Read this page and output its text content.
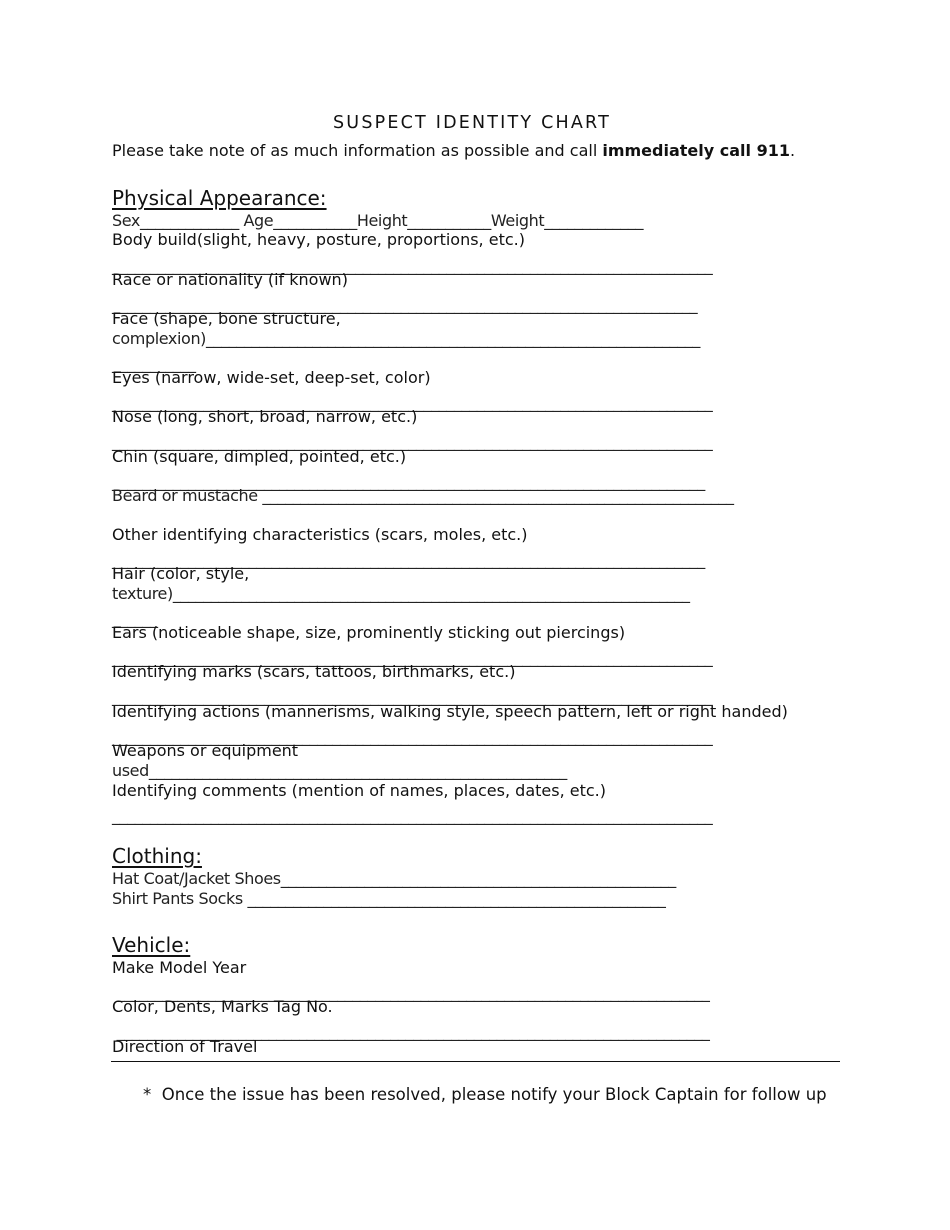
SUSPECT IDENTITY CHART
Please take note of as much information as possible and call immediately call 911.
Physical Appearance:
Sex_____________ Age___________Height___________Weight_____________
Body build(slight, heavy, posture, proportions, etc.)
_______________________________________________________________________________
Race or nationality (if known)
_____________________________________________________________________________
Face (shape, bone structure,
complexion)_________________________________________________________________
___________
Eyes (narrow, wide-set, deep-set, color)
_______________________________________________________________________________
Nose (long, short, broad, narrow, etc.)
_______________________________________________________________________________
Chin (square, dimpled, pointed, etc.)
______________________________________________________________________________
Beard or mustache ______________________________________________________________
Other identifying characteristics (scars, moles, etc.)
______________________________________________________________________________
Hair (color, style,
texture)____________________________________________________________________
______
Ears (noticeable shape, size, prominently sticking out piercings)
_______________________________________________________________________________
Identifying marks (scars, tattoos, birthmarks, etc.)
_______________________________________________________________________________
Identifying actions (mannerisms, walking style, speech pattern, left or right handed)
_______________________________________________________________________________
Weapons or equipment
used_______________________________________________________
Identifying comments (mention of names, places, dates, etc.)
_______________________________________________________________________________
Clothing:
Hat Coat/Jacket Shoes____________________________________________________
Shirt Pants Socks _______________________________________________________
Vehicle:
Make Model Year
______________________________________________________________________________
Color, Dents, Marks Tag No.
______________________________________________________________________________
Direction of Travel
*  Once the issue has been resolved, please notify your Block Captain for follow up
